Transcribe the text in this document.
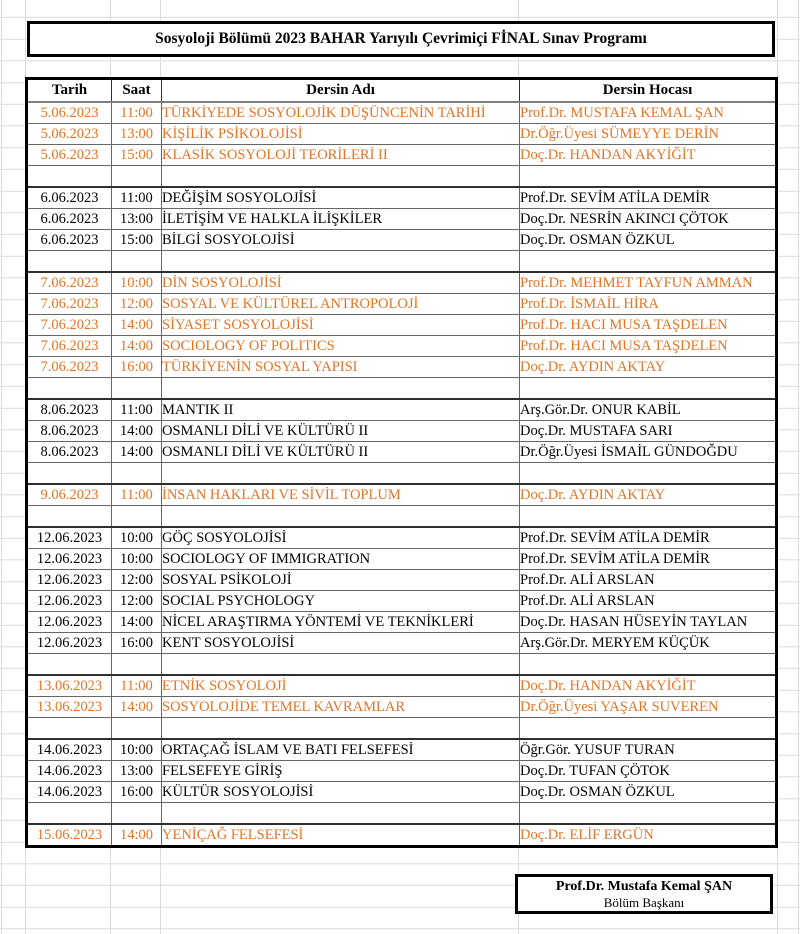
Sosyoloji Bölümü 2023 BAHAR Yarıyılı Çevrimiçi FİNAL Sınav Programı
Tarih	Saat	Dersin Adı	Dersin Hocası
5.06.2023	11:00	TÜRKİYEDE SOSYOLOJİK DÜŞÜNCENİN TARİHİ	Prof.Dr. MUSTAFA KEMAL ŞAN
5.06.2023	13:00	KİŞİLİK PSİKOLOJİSİ	Dr.Öğr.Üyesi SÜMEYYE DERİN
5.06.2023	15:00	KLASİK SOSYOLOJİ TEORİLERİ II	Doç.Dr. HANDAN AKYİĞİT

6.06.2023	11:00	DEĞİŞİM SOSYOLOJİSİ	Prof.Dr. SEVİM ATİLA DEMİR
6.06.2023	13:00	İLETİŞİM VE HALKLA İLİŞKİLER	Doç.Dr. NESRİN AKINCI ÇÖTOK
6.06.2023	15:00	BİLGİ SOSYOLOJİSİ	Doç.Dr. OSMAN ÖZKUL

7.06.2023	10:00	DİN SOSYOLOJİSİ	Prof.Dr. MEHMET TAYFUN AMMAN
7.06.2023	12:00	SOSYAL VE KÜLTÜREL ANTROPOLOJİ	Prof.Dr. İSMAİL HİRA
7.06.2023	14:00	SİYASET SOSYOLOJİSİ	Prof.Dr. HACI MUSA TAŞDELEN
7.06.2023	14:00	SOCIOLOGY OF POLITICS	Prof.Dr. HACI MUSA TAŞDELEN
7.06.2023	16:00	TÜRKİYENİN SOSYAL YAPISI	Doç.Dr. AYDIN AKTAY

8.06.2023	11:00	MANTIK II	Arş.Gör.Dr. ONUR KABİL
8.06.2023	14:00	OSMANLI DİLİ VE KÜLTÜRÜ II	Doç.Dr. MUSTAFA SARI
8.06.2023	14:00	OSMANLI DİLİ VE KÜLTÜRÜ II	Dr.Öğr.Üyesi İSMAİL GÜNDOĞDU

9.06.2023	11:00	İNSAN HAKLARI VE SİVİL TOPLUM	Doç.Dr. AYDIN AKTAY

12.06.2023	10:00	GÖÇ SOSYOLOJİSİ	Prof.Dr. SEVİM ATİLA DEMİR
12.06.2023	10:00	SOCIOLOGY OF IMMIGRATION	Prof.Dr. SEVİM ATİLA DEMİR
12.06.2023	12:00	SOSYAL PSİKOLOJİ	Prof.Dr. ALİ ARSLAN
12.06.2023	12:00	SOCIAL PSYCHOLOGY	Prof.Dr. ALİ ARSLAN
12.06.2023	14:00	NİCEL ARAŞTIRMA YÖNTEMİ VE TEKNİKLERİ	Doç.Dr. HASAN HÜSEYİN TAYLAN
12.06.2023	16:00	KENT SOSYOLOJİSİ	Arş.Gör.Dr. MERYEM KÜÇÜK

13.06.2023	11:00	ETNİK SOSYOLOJİ	Doç.Dr. HANDAN AKYİĞİT
13.06.2023	14:00	SOSYOLOJİDE TEMEL KAVRAMLAR	Dr.Öğr.Üyesi YAŞAR SUVEREN

14.06.2023	10:00	ORTAÇAĞ İSLAM VE BATI FELSEFESİ	Öğr.Gör. YUSUF TURAN
14.06.2023	13:00	FELSEFEYE GİRİŞ	Doç.Dr. TUFAN ÇÖTOK
14.06.2023	16:00	KÜLTÜR SOSYOLOJİSİ	Doç.Dr. OSMAN ÖZKUL

15.06.2023	14:00	YENİÇAĞ FELSEFESİ	Doç.Dr. ELİF ERGÜN
Prof.Dr. Mustafa Kemal ŞAN
Bölüm Başkanı
